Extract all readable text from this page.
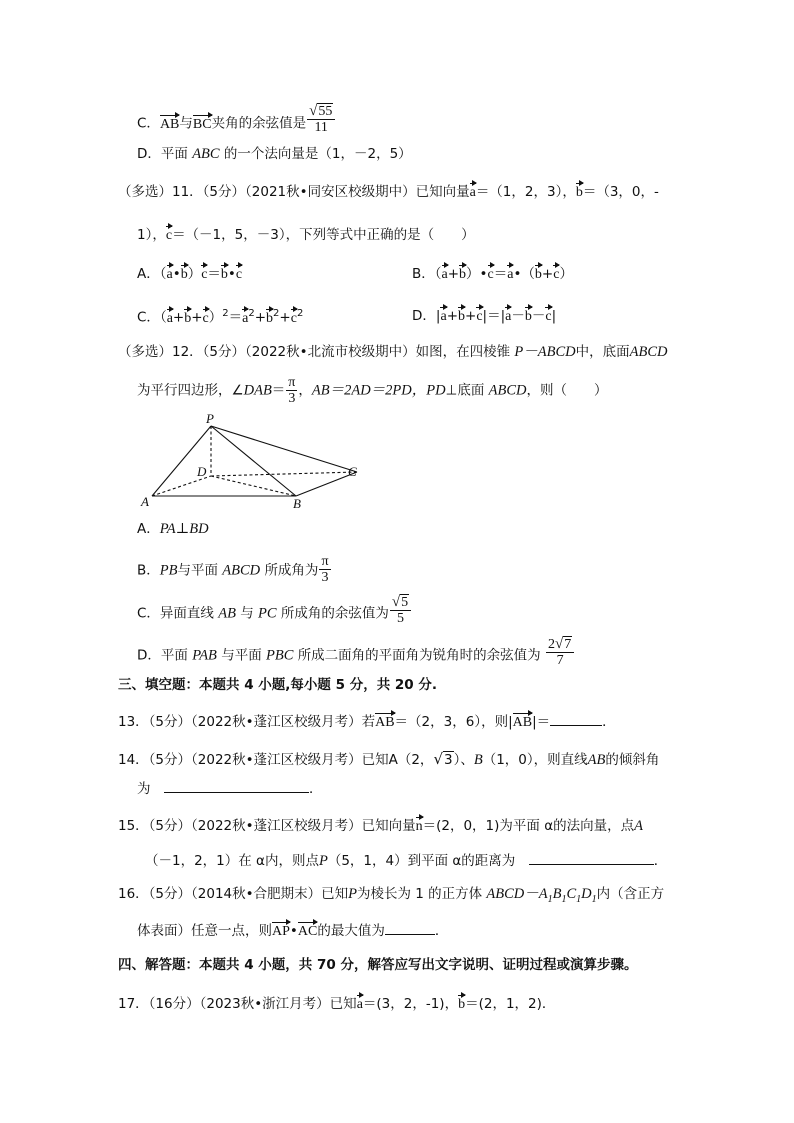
C．AB与BC夹角的余弦值是 $\frac{√55}{11}$
D．平面 ABC 的一个法向量是（1，－2，5）
（多选）11．（5分）（2021秋•同安区校级期中）已知向量a＝（1，2，3），b＝（3，0，-
1），c＝（－1，5，－3），下列等式中正确的是（　　）
A．（a•b）c＝b•c	B．（a+b）•c＝a•（b+c）
C．$(a+b+c)^2=a^2+b^2+c^2$	D．|a+b+c|＝|a－b－c|
（多选）12．（5分）（2022秋•北流市校级期中）如图，在四棱锥 P－ABCD中，底面ABCD
为平行四边形，∠DAB＝ $\frac{\pi}{3}$ ，AB＝2AD＝2PD，PD⊥底面 ABCD，则（　　）
P
D	C
A	B
A．PA⊥BD
B．PB与平面 ABCD 所成角为 $\frac{\pi}{3}$
C．异面直线 AB 与 PC 所成角的余弦值为 $\frac{√5}{5}$
D．平面 PAB 与平面 PBC 所成二面角的平面角为锐角时的余弦值为 $\frac{2√7}{7}$
三、填空题：本题共 4 小题,每小题 5 分，共 20 分.
13．（5分）（2022秋•蓬江区校级月考）若AB＝（2，3，6），则|AB|＝	．
14．（5分）（2022秋•蓬江区校级月考）已知A（2，√3）、B（1，0），则直线AB的倾斜角
为　	．
15．（5分）（2022秋•蓬江区校级月考）已知向量n＝(2，0，1)为平面 α的法向量，点A
（－1，2，1）在 α内，则点P（5，1，4）到平面 α的距离为　	．
16．（5分）（2014秋•合肥期末）已知P为棱长为 1 的正方体 $ABCD-A_1B_1C_1D_1$内（含正方
体表面）任意一点，则AP•AC的最大值为	．
四、解答题：本题共 4 小题，共 70 分，解答应写出文字说明、证明过程或演算步骤。
17．（16分）（2023秋•浙江月考）已知a＝(3，2，-1)，b＝(2，1，2)．
